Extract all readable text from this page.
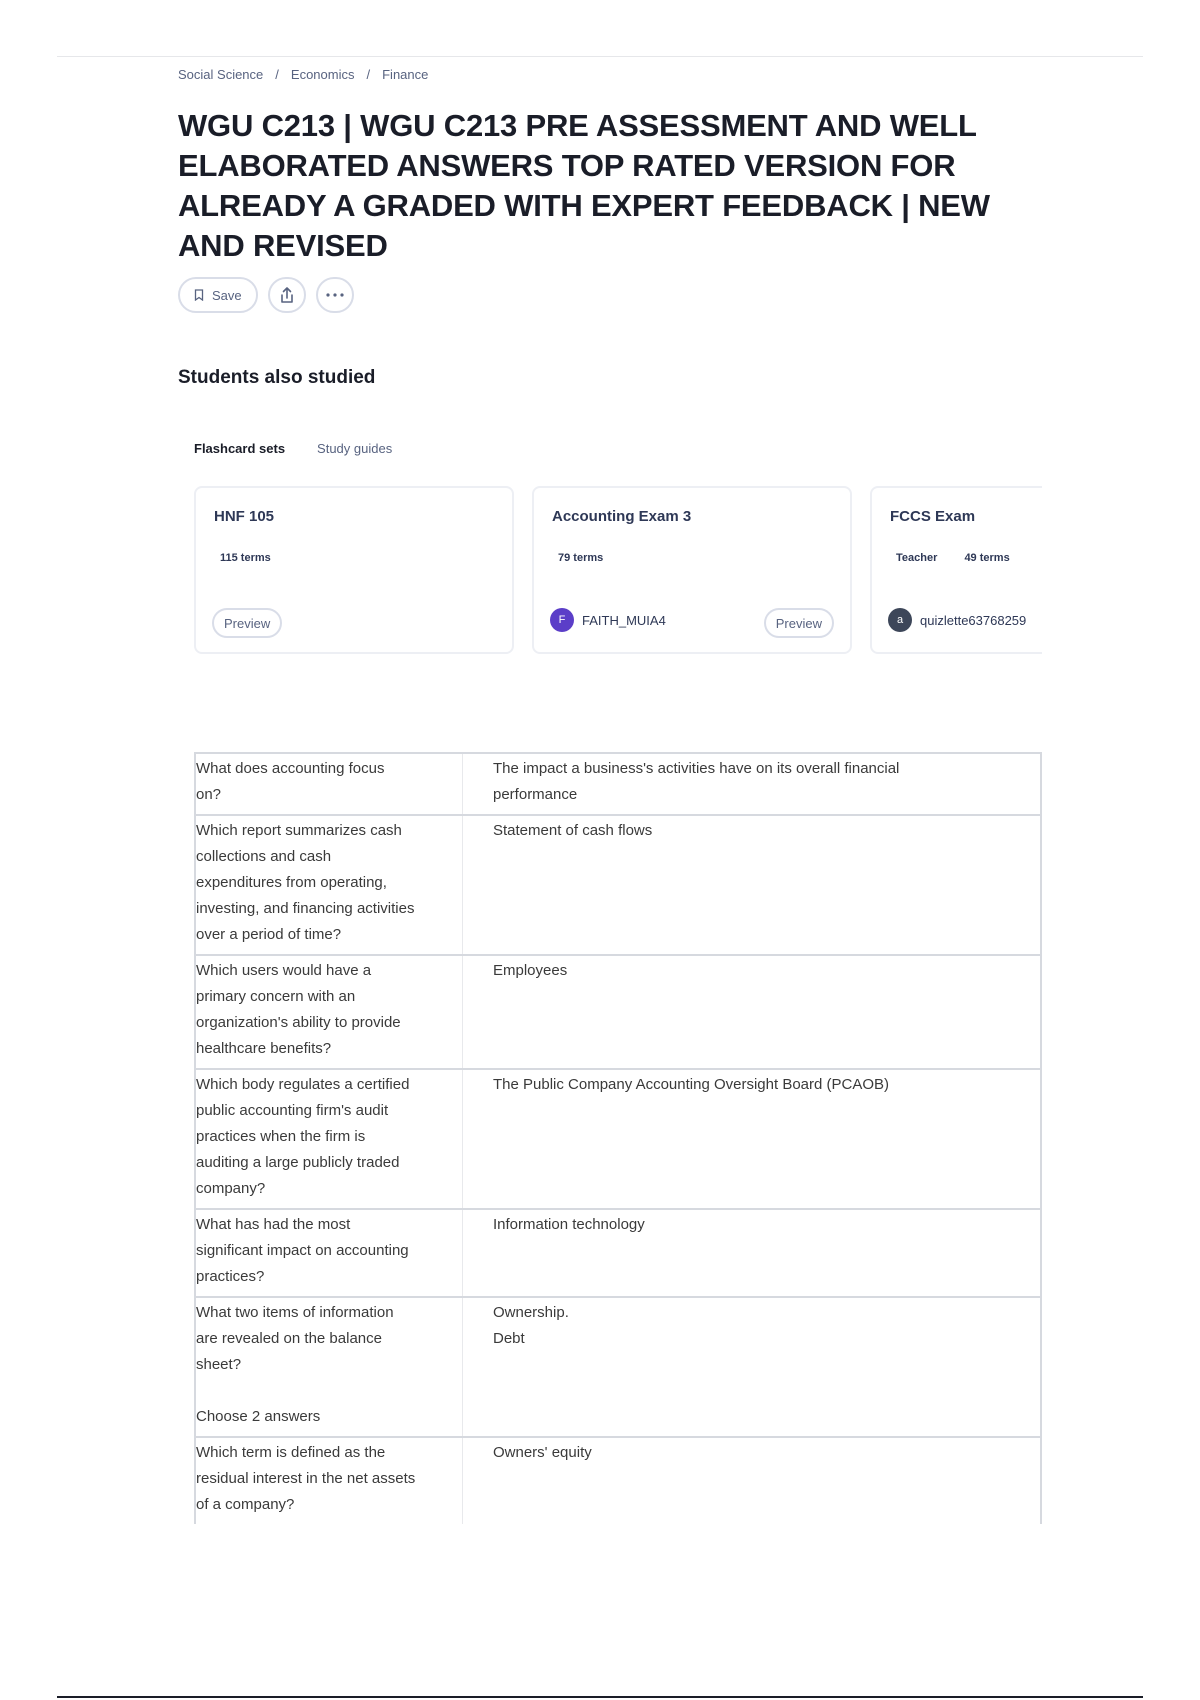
Social Science / Economics / Finance
WGU C213 | WGU C213 PRE ASSESSMENT AND WELL ELABORATED ANSWERS TOP RATED VERSION FOR ALREADY A GRADED WITH EXPERT FEEDBACK | NEW AND REVISED
Save
Students also studied
Flashcard sets Study guides
HNF 105
115 terms
Preview
Accounting Exam 3
79 terms
F	FAITH_MUIA4	Preview
FCCS Exam
Teacher 49 terms
a	quizlette63768259
What does accounting focus
on?	The impact a business's activities have on its overall financial
performance

Which report summarizes cash
collections and cash
expenditures from operating,
investing, and financing activities
over a period of time?	Statement of cash flows

Which users would have a
primary concern with an
organization's ability to provide
healthcare benefits?	Employees

Which body regulates a certified
public accounting firm's audit
practices when the firm is
auditing a large publicly traded
company?	The Public Company Accounting Oversight Board (PCAOB)

What has had the most
significant impact on accounting
practices?	Information technology

What two items of information
are revealed on the balance
sheet?
Choose 2 answers	Ownership.
Debt

Which term is defined as the
residual interest in the net assets
of a company?	Owners' equity
